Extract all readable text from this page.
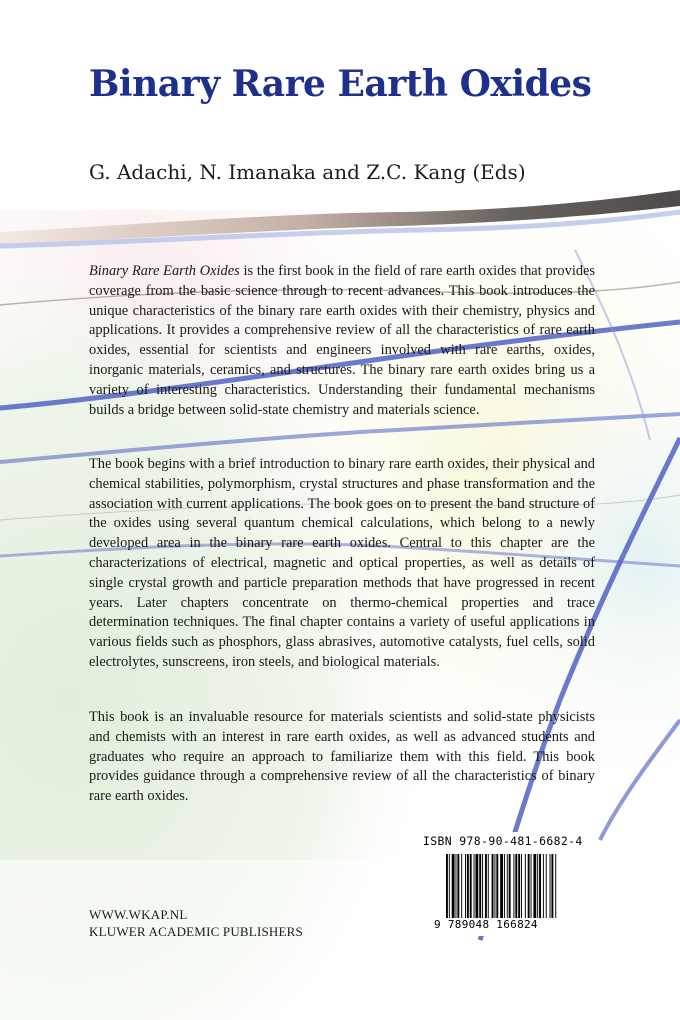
Binary Rare Earth Oxides
G. Adachi, N. Imanaka and Z.C. Kang (Eds)

Binary Rare Earth Oxides is the first book in the field of rare earth oxides that provides coverage from the basic science through to recent advances. This book introduces the unique characteristics of the binary rare earth oxides with their chemistry, physics and applications. It provides a comprehensive review of all the characteristics of rare earth oxides, essential for scientists and engineers involved with rare earths, oxides, inorganic materials, ceramics, and structures. The binary rare earth oxides bring us a variety of interesting characteristics. Understanding their fundamental mechanisms builds a bridge between solid-state chemistry and materials science.

The book begins with a brief introduction to binary rare earth oxides, their physical and chemical stabilities, polymorphism, crystal structures and phase transformation and the association with current applications. The book goes on to present the band structure of the oxides using several quantum chemical calculations, which belong to a newly developed area in the binary rare earth oxides. Central to this chapter are the characterizations of electrical, magnetic and optical properties, as well as details of single crystal growth and particle preparation methods that have progressed in recent years. Later chapters concentrate on thermo-chemical properties and trace determination techniques. The final chapter contains a variety of useful applications in various fields such as phosphors, glass abrasives, automotive catalysts, fuel cells, solid electrolytes, sunscreens, iron steels, and biological materials.

This book is an invaluable resource for materials scientists and solid-state physicists and chemists with an interest in rare earth oxides, as well as advanced students and graduates who require an approach to familiarize them with this field. This book provides guidance through a comprehensive review of all the characteristics of binary rare earth oxides.

ISBN 978-90-481-6682-4
9 789048 166824
WWW.WKAP.NL
KLUWER ACADEMIC PUBLISHERS
